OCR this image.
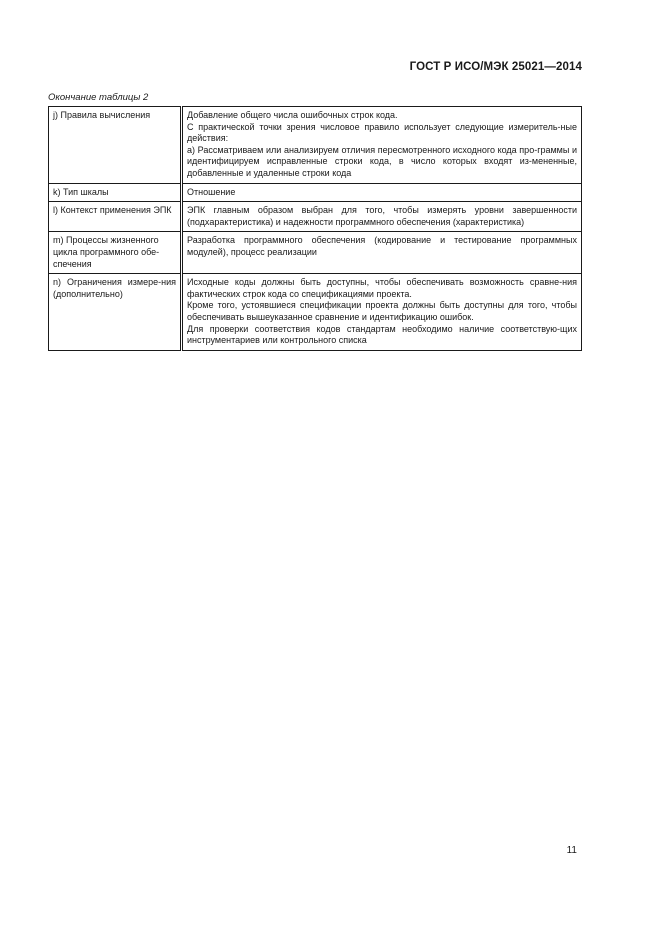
ГОСТ Р ИСО/МЭК 25021—2014
Окончание таблицы 2
j) Правила вычисления	Добавление общего числа ошибочных строк кода.
С практической точки зрения числовое правило использует следующие измеритель-ные действия:
а) Рассматриваем или анализируем отличия пересмотренного исходного кода про-граммы и идентифицируем исправленные строки кода, в число которых входят из-мененные, добавленные и удаленные строки кода

k) Тип шкалы	Отношение

l) Контекст применения ЭПК	ЭПК главным образом выбран для того, чтобы измерять уровни завершенности (подхарактеристика) и надежности программного обеспечения (характеристика)

m) Процессы жизненного цикла программного обе-спечения	Разработка программного обеспечения (кодирование и тестирование программных модулей), процесс реализации

n) Ограничения измере-ния (дополнительно)	Исходные коды должны быть доступны, чтобы обеспечивать возможность сравне-ния фактических строк кода со спецификациями проекта.
Кроме того, устоявшиеся спецификации проекта должны быть доступны для того, чтобы обеспечивать вышеуказанное сравнение и идентификацию ошибок.
Для проверки соответствия кодов стандартам необходимо наличие соответствую-щих инструментариев или контрольного списка
11
